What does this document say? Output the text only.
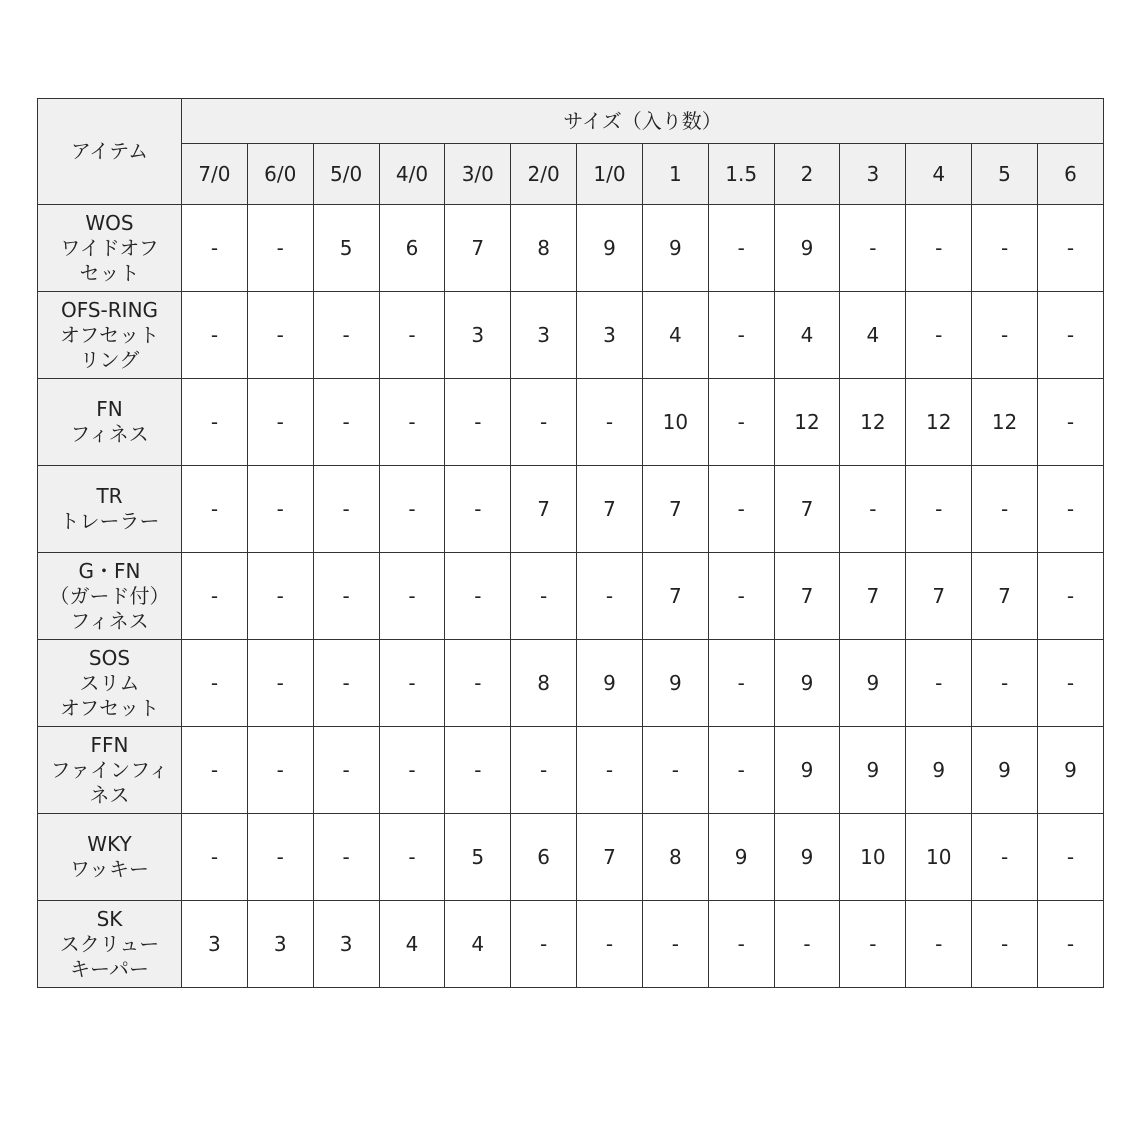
アイテム	サイズ（入り数）													
	7/0	6/0	5/0	4/0	3/0	2/0	1/0	1	1.5	2	3	4	5	6

WOS
ワイドオフ
セット	-	-	5	6	7	8	9	9	-	9	-	-	-	-

OFS-RING
オフセット
リング	-	-	-	-	3	3	3	4	-	4	4	-	-	-

FN
フィネス	-	-	-	-	-	-	-	10	-	12	12	12	12	-

TR
トレーラー	-	-	-	-	-	7	7	7	-	7	-	-	-	-

G・FN
（ガード付）
フィネス	-	-	-	-	-	-	-	7	-	7	7	7	7	-

SOS
スリム
オフセット	-	-	-	-	-	8	9	9	-	9	9	-	-	-

FFN
ファインフィ
ネス	-	-	-	-	-	-	-	-	-	9	9	9	9	9

WKY
ワッキー	-	-	-	-	5	6	7	8	9	9	10	10	-	-

SK
スクリュー
キーパー	3	3	3	4	4	-	-	-	-	-	-	-	-	-
